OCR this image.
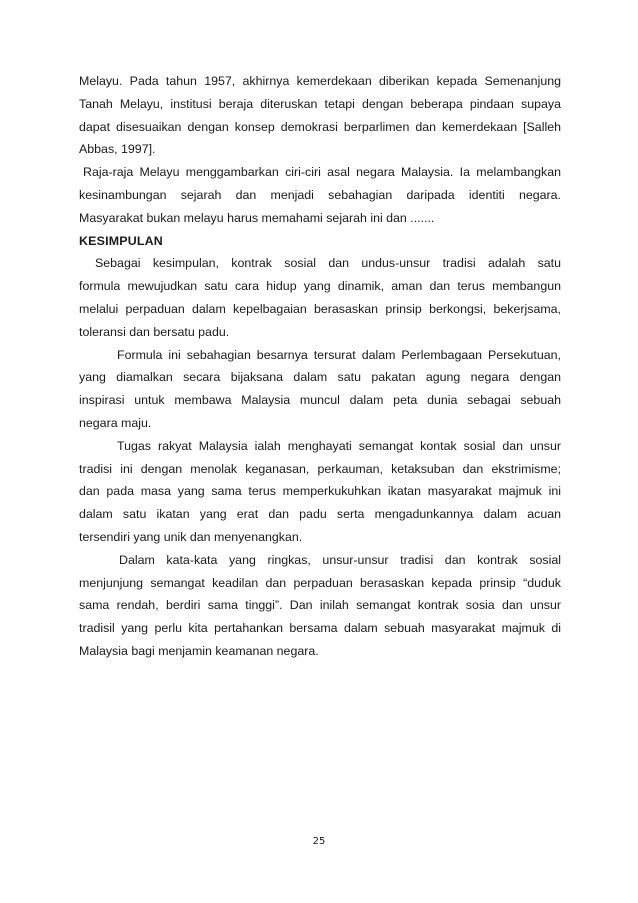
Melayu. Pada tahun 1957, akhirnya kemerdekaan diberikan kepada Semenanjung
Tanah Melayu, institusi beraja diteruskan tetapi dengan beberapa pindaan supaya
dapat disesuaikan dengan konsep demokrasi berparlimen dan kemerdekaan [Salleh
Abbas, 1997].
Raja-raja Melayu menggambarkan ciri-ciri asal negara Malaysia. Ia melambangkan
kesinambungan sejarah dan menjadi sebahagian daripada identiti negara.
Masyarakat bukan melayu harus memahami sejarah ini dan .......
KESIMPULAN
Sebagai kesimpulan, kontrak sosial dan undus-unsur tradisi adalah satu
formula mewujudkan satu cara hidup yang dinamik, aman dan terus membangun
melalui perpaduan dalam kepelbagaian berasaskan prinsip berkongsi, bekerjsama,
toleransi dan bersatu padu.
Formula ini sebahagian besarnya tersurat dalam Perlembagaan Persekutuan,
yang diamalkan secara bijaksana dalam satu pakatan agung negara dengan
inspirasi untuk membawa Malaysia muncul dalam peta dunia sebagai sebuah
negara maju.
Tugas rakyat Malaysia ialah menghayati semangat kontak sosial dan unsur
tradisi ini dengan menolak keganasan, perkauman, ketaksuban dan ekstrimisme;
dan pada masa yang sama terus memperkukuhkan ikatan masyarakat majmuk ini
dalam satu ikatan yang erat dan padu serta mengadunkannya dalam acuan
tersendiri yang unik dan menyenangkan.
Dalam kata-kata yang ringkas, unsur-unsur tradisi dan kontrak sosial
menjunjung semangat keadilan dan perpaduan berasaskan kepada prinsip “duduk
sama rendah, berdiri sama tinggi”. Dan inilah semangat kontrak sosia dan unsur
tradisil yang perlu kita pertahankan bersama dalam sebuah masyarakat majmuk di
Malaysia bagi menjamin keamanan negara.
25
